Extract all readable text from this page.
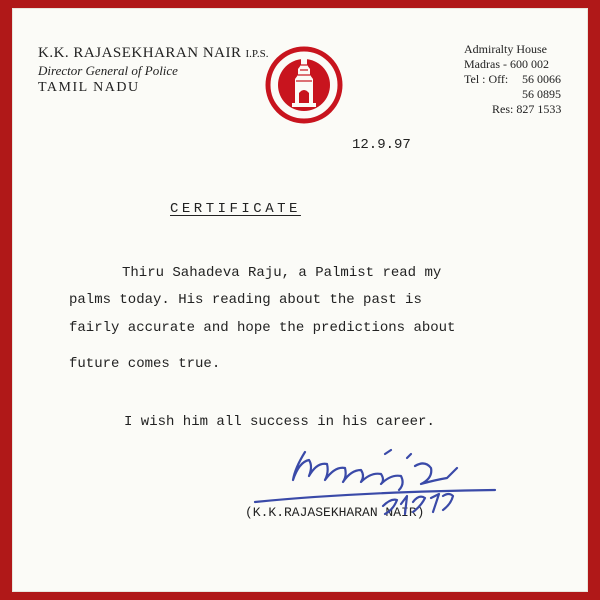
K.K. RAJASEKHARAN NAIR I.P.S.
Director General of Police
TAMIL NADU
Admiralty House
Madras - 600 002
Tel : Off:	56 0066
56 0895
Res: 827 1533
12.9.97
CERTIFICATE
Thiru Sahadeva Raju, a Palmist read my
palms today. His reading about the past is
fairly accurate and hope the predictions about
future comes true.
I wish him all success in his career.
(K.K.RAJASEKHARAN NAIR)
